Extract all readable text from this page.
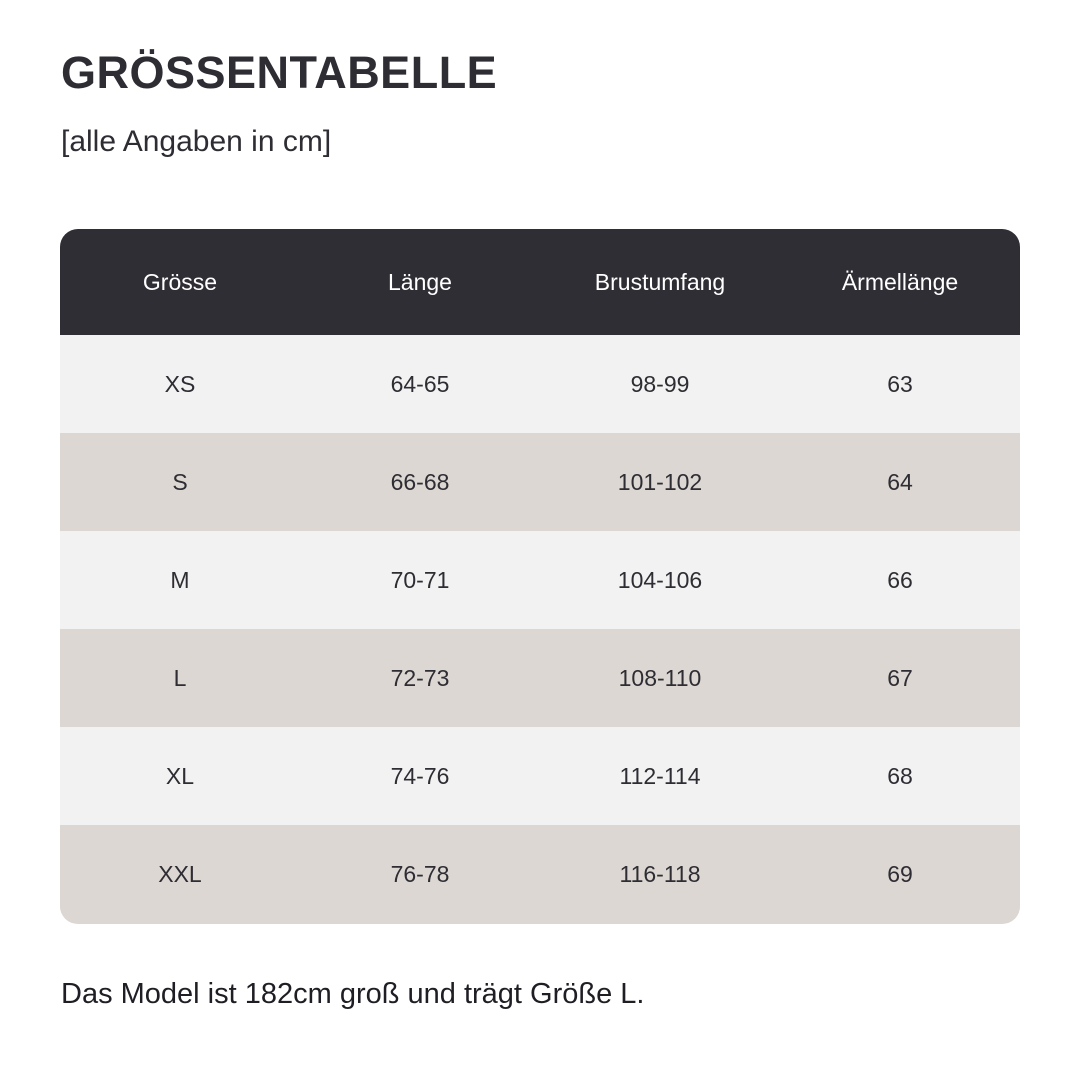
GRÖSSENTABELLE

[alle Angaben in cm]

Grösse	Länge	Brustumfang	Ärmellänge
XS	64-65	98-99	63
S	66-68	101-102	64
M	70-71	104-106	66
L	72-73	108-110	67
XL	74-76	112-114	68
XXL	76-78	116-118	69

Das Model ist 182cm groß und trägt Größe L.
